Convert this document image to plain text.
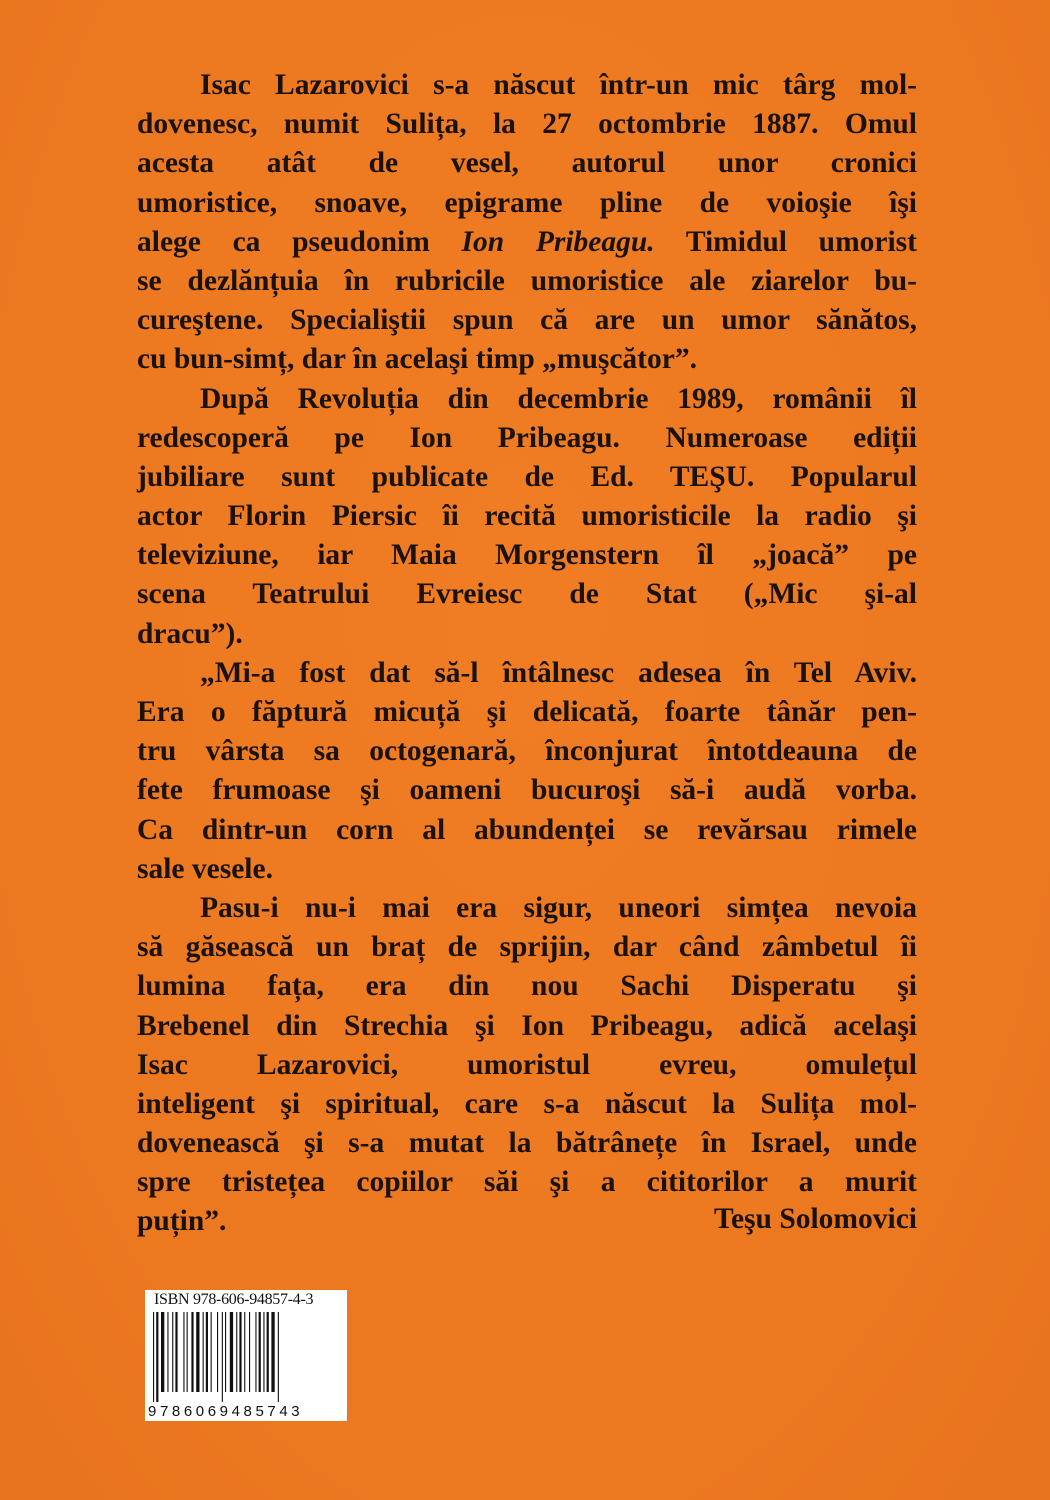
Isac Lazarovici s-a născut într-un mic târg mol-
dovenesc, numit Sulița, la 27 octombrie 1887. Omul
acesta atât de vesel, autorul unor cronici
umoristice, snoave, epigrame pline de voioşie îşi
alege ca pseudonim Ion Pribeagu. Timidul umorist
se dezlănțuia în rubricile umoristice ale ziarelor bu-
cureştene. Specialiştii spun că are un umor sănătos,
cu bun-simț, dar în acelaşi timp „muşcător”.
După Revoluția din decembrie 1989, românii îl
redescoperă pe Ion Pribeagu. Numeroase ediții
jubiliare sunt publicate de Ed. TEŞU. Popularul
actor Florin Piersic îi recită umoristicile la radio şi
televiziune, iar Maia Morgenstern îl „joacă” pe
scena Teatrului Evreiesc de Stat („Mic şi-al
dracu”).
„Mi-a fost dat să-l întâlnesc adesea în Tel Aviv.
Era o făptură micuță şi delicată, foarte tânăr pen-
tru vârsta sa octogenară, înconjurat întotdeauna de
fete frumoase şi oameni bucuroşi să-i audă vorba.
Ca dintr-un corn al abundenței se revărsau rimele
sale vesele.
Pasu-i nu-i mai era sigur, uneori simțea nevoia
să găsească un braț de sprijin, dar când zâmbetul îi
lumina fața, era din nou Sachi Disperatu şi
Brebenel din Strechia şi Ion Pribeagu, adică acelaşi
Isac Lazarovici, umoristul evreu, omulețul
inteligent şi spiritual, care s-a născut la Sulița mol-
dovenească şi s-a mutat la bătrânețe în Israel, unde
spre tristețea copiilor săi şi a cititorilor a murit
puțin”.	Teşu Solomovici
ISBN 978-606-94857-4-3
9786069485743
